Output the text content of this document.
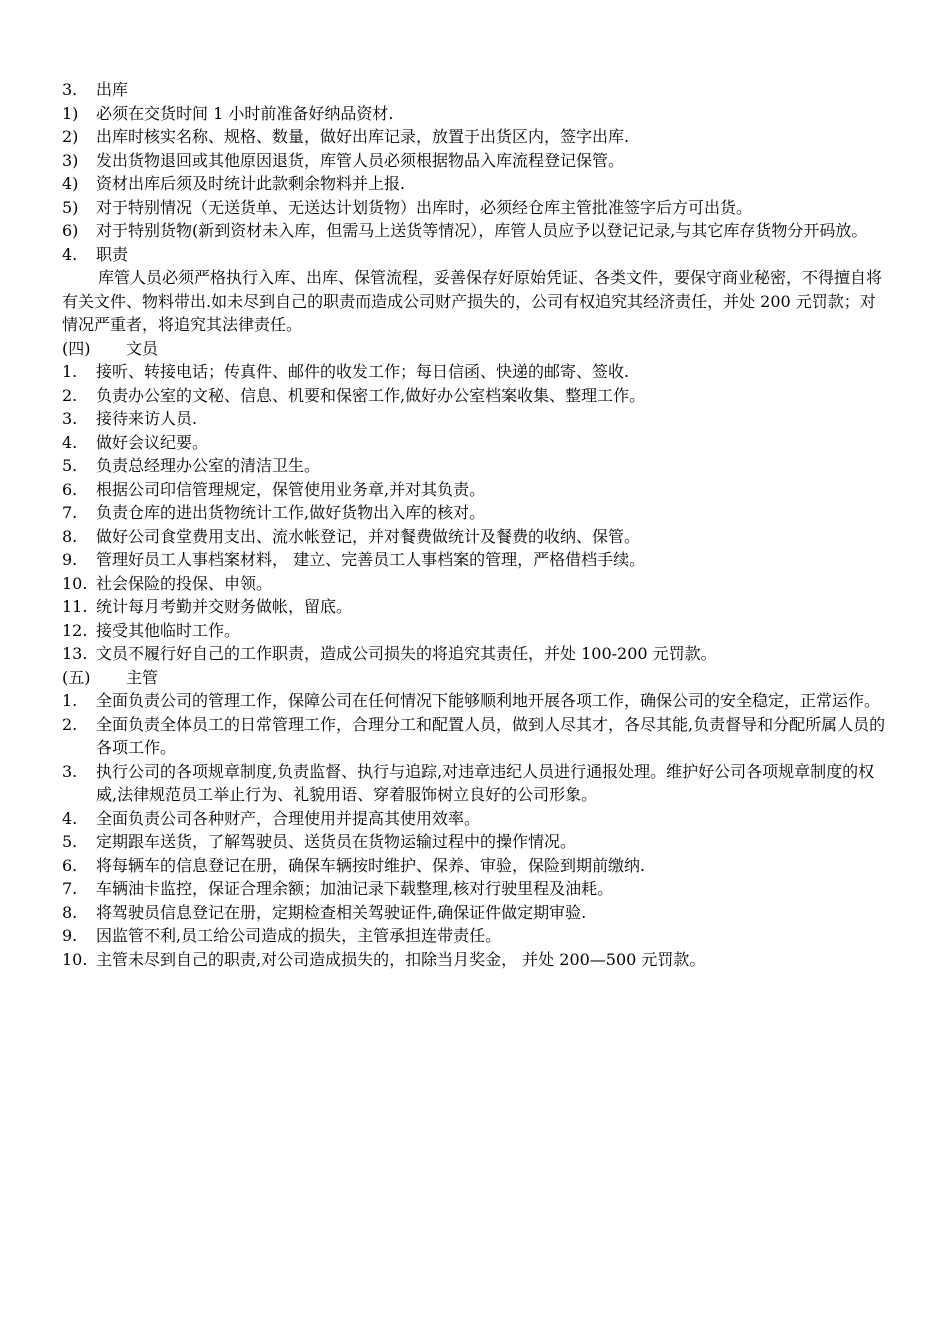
3.	出库
1)	必须在交货时间 1 小时前准备好纳品资材.
2)	出库时核实名称、规格、数量，做好出库记录，放置于出货区内，签字出库.
3)	发出货物退回或其他原因退货，库管人员必须根据物品入库流程登记保管。
4)	资材出库后须及时统计此款剩余物料并上报.
5)	对于特别情况（无送货单、无送达计划货物）出库时，必须经仓库主管批准签字后方可出货。
6)	对于特别货物(新到资材未入库，但需马上送货等情况），库管人员应予以登记记录,与其它库存货物分开码放。
4.	职责
库管人员必须严格执行入库、出库、保管流程，妥善保存好原始凭证、各类文件，要保守商业秘密，不得擅自将有关文件、物料带出.如未尽到自己的职责而造成公司财产损失的，公司有权追究其经济责任，并处 200 元罚款；对情况严重者，将追究其法律责任。
(四)	文员
1.	接听、转接电话；传真件、邮件的收发工作；每日信函、快递的邮寄、签收.
2.	负责办公室的文秘、信息、机要和保密工作,做好办公室档案收集、整理工作。
3.	接待来访人员.
4.	做好会议纪要。
5.	负责总经理办公室的清洁卫生。
6.	根据公司印信管理规定，保管使用业务章,并对其负责。
7.	负责仓库的进出货物统计工作,做好货物出入库的核对。
8.	做好公司食堂费用支出、流水帐登记，并对餐费做统计及餐费的收纳、保管。
9.	管理好员工人事档案材料， 建立、完善员工人事档案的管理，严格借档手续。
10. 社会保险的投保、申领。
11. 统计每月考勤并交财务做帐，留底。
12. 接受其他临时工作。
13. 文员不履行好自己的工作职责，造成公司损失的将追究其责任，并处 100-200 元罚款。
(五)	主管
1.	全面负责公司的管理工作，保障公司在任何情况下能够顺利地开展各项工作，确保公司的安全稳定，正常运作。
2.	全面负责全体员工的日常管理工作，合理分工和配置人员，做到人尽其才，各尽其能,负责督导和分配所属人员的各项工作。
3.	执行公司的各项规章制度,负责监督、执行与追踪,对违章违纪人员进行通报处理。维护好公司各项规章制度的权威,法律规范员工举止行为、礼貌用语、穿着服饰树立良好的公司形象。
4.	全面负责公司各种财产，合理使用并提高其使用效率。
5.	定期跟车送货，了解驾驶员、送货员在货物运输过程中的操作情况。
6.	将每辆车的信息登记在册，确保车辆按时维护、保养、审验，保险到期前缴纳.
7.	车辆油卡监控，保证合理余额；加油记录下载整理,核对行驶里程及油耗。
8.	将驾驶员信息登记在册，定期检查相关驾驶证件,确保证件做定期审验.
9.	因监管不利,员工给公司造成的损失，主管承担连带责任。
10. 主管未尽到自己的职责,对公司造成损失的，扣除当月奖金， 并处 200—500 元罚款。
